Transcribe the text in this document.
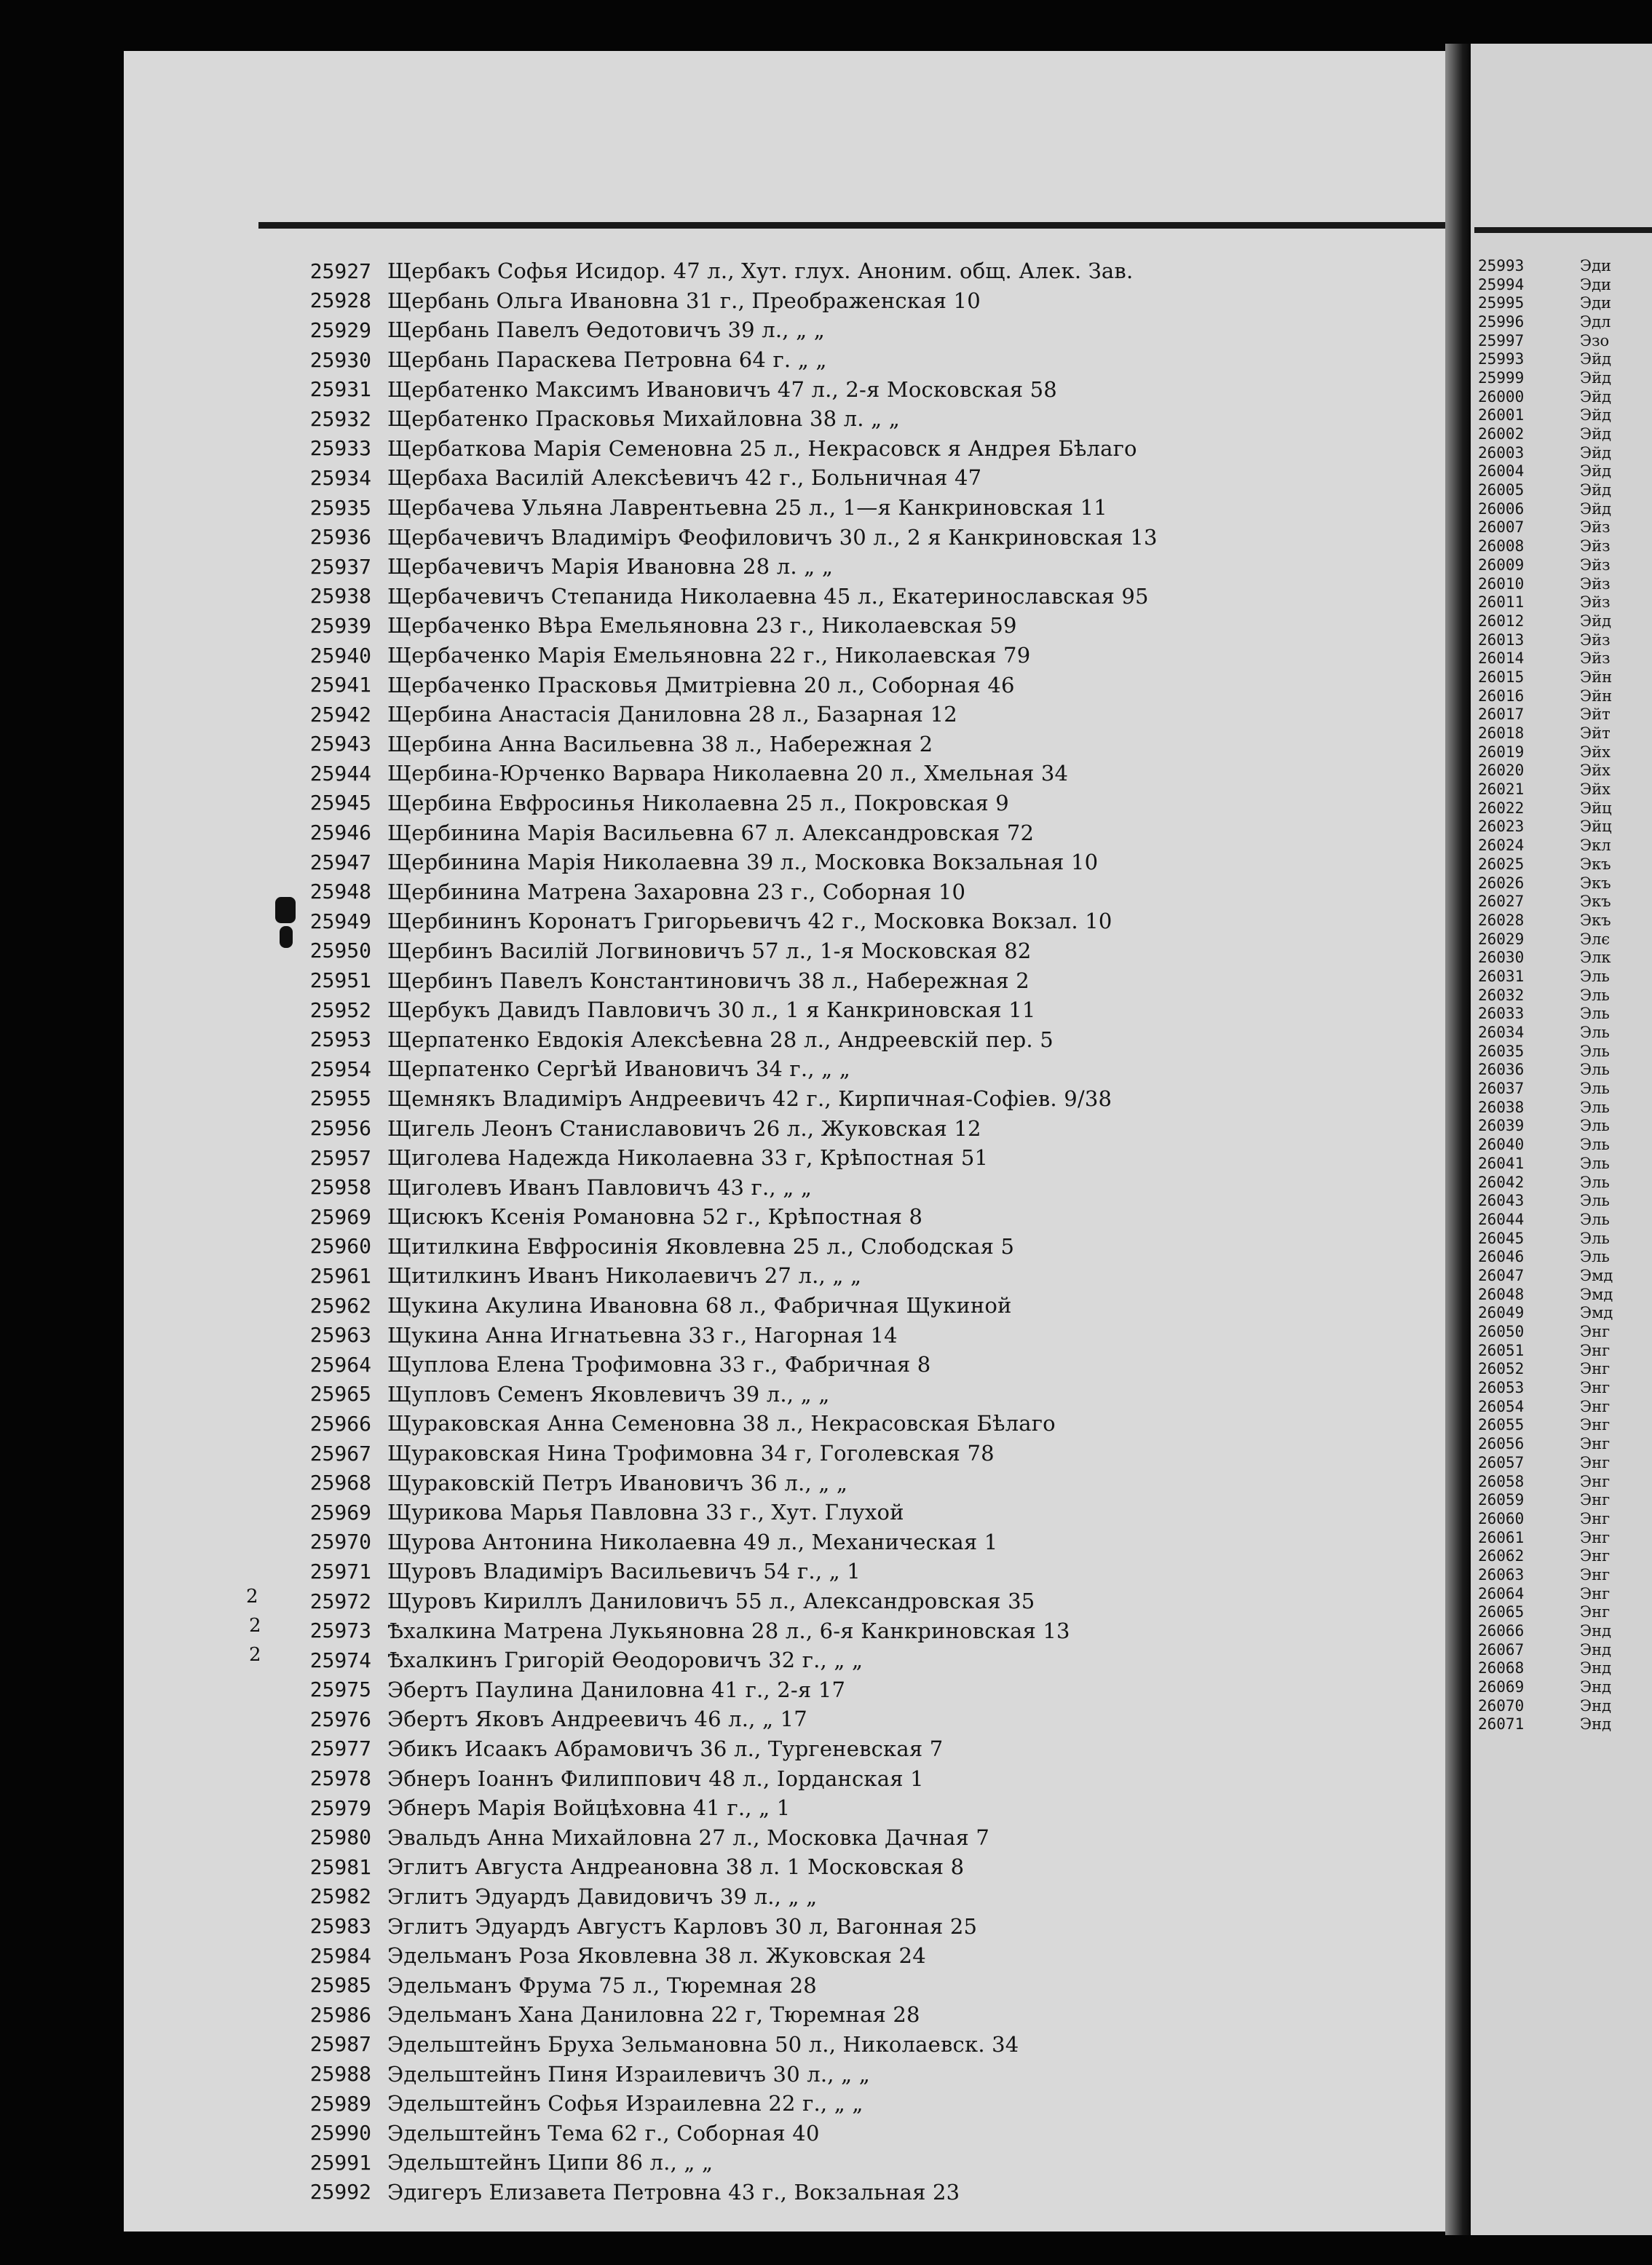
2
2
2
25927 Щербакъ Софья Исидор. 47 л., Хут. глух. Аноним. общ. Алек. Зав.
25928 Щербань Ольга Ивановна 31 г., Преображенская 10
25929 Щербань Павелъ Өедотовичъ 39 л., „ „
25930 Щербань Параскева Петровна 64 г. „ „
25931 Щербатенко Максимъ Ивановичъ 47 л., 2-я Московская 58
25932 Щербатенко Прасковья Михайловна 38 л. „ „
25933 Щербаткова Марія Семеновна 25 л., Некрасовск я Андрея Бѣлаго
25934 Щербаха Василій Алексѣевичъ 42 г., Больничная 47
25935 Щербачева Ульяна Лаврентьевна 25 л., 1—я Канкриновская 11
25936 Щербачевичъ Владиміръ Феофиловичъ 30 л., 2 я Канкриновская 13
25937 Щербачевичъ Марія Ивановна 28 л. „ „
25938 Щербачевичъ Степанида Николаевна 45 л., Екатеринославская 95
25939 Щербаченко Вѣра Емельяновна 23 г., Николаевская 59
25940 Щербаченко Марія Емельяновна 22 г., Николаевская 79
25941 Щербаченко Прасковья Дмитріевна 20 л., Соборная 46
25942 Щербина Анастасія Даниловна 28 л., Базарная 12
25943 Щербина Анна Васильевна 38 л., Набережная 2
25944 Щербина-Юрченко Варвара Николаевна 20 л., Хмельная 34
25945 Щербина Евфросинья Николаевна 25 л., Покровская 9
25946 Щербинина Марія Васильевна 67 л. Александровская 72
25947 Щербинина Марія Николаевна 39 л., Московка Вокзальная 10
25948 Щербинина Матрена Захаровна 23 г., Соборная 10
25949 Щербининъ Коронатъ Григорьевичъ 42 г., Московка Вокзал. 10
25950 Щербинъ Василій Логвиновичъ 57 л., 1-я Московская 82
25951 Щербинъ Павелъ Константиновичъ 38 л., Набережная 2
25952 Щербукъ Давидъ Павловичъ 30 л., 1 я Канкриновская 11
25953 Щерпатенко Евдокія Алексѣевна 28 л., Андреевскій пер. 5
25954 Щерпатенко Сергѣй Ивановичъ 34 г., „ „
25955 Щемнякъ Владиміръ Андреевичъ 42 г., Кирпичная-Софіев. 9/38
25956 Щигель Леонъ Станиславовичъ 26 л., Жуковская 12
25957 Щиголева Надежда Николаевна 33 г, Крѣпостная 51
25958 Щиголевъ Иванъ Павловичъ 43 г., „ „
25969 Щисюкъ Ксенія Романовна 52 г., Крѣпостная 8
25960 Щитилкина Евфросинія Яковлевна 25 л., Слободская 5
25961 Щитилкинъ Иванъ Николаевичъ 27 л., „ „
25962 Щукина Акулина Ивановна 68 л., Фабричная Щукиной
25963 Щукина Анна Игнатьевна 33 г., Нагорная 14
25964 Щуплова Елена Трофимовна 33 г., Фабричная 8
25965 Щупловъ Семенъ Яковлевичъ 39 л., „ „
25966 Щураковская Анна Семеновна 38 л., Некрасовская Бѣлаго
25967 Щураковская Нина Трофимовна 34 г, Гоголевская 78
25968 Щураковскій Петръ Ивановичъ 36 л., „ „
25969 Щурикова Марья Павловна 33 г., Хут. Глухой
25970 Щурова Антонина Николаевна 49 л., Механическая 1
25971 Щуровъ Владиміръ Васильевичъ 54 г., „ 1
25972 Щуровъ Кириллъ Даниловичъ 55 л., Александровская 35
25973 Ѣхалкина Матрена Лукьяновна 28 л., 6-я Канкриновская 13
25974 Ѣхалкинъ Григорій Өеодоровичъ 32 г., „ „
25975 Эбертъ Паулина Даниловна 41 г., 2-я 17
25976 Эбертъ Яковъ Андреевичъ 46 л., „ 17
25977 Эбикъ Исаакъ Абрамовичъ 36 л., Тургеневская 7
25978 Эбнеръ Іоаннъ Филиппович 48 л., Іорданская 1
25979 Эбнеръ Марія Войцѣховна 41 г., „ 1
25980 Эвальдъ Анна Михайловна 27 л., Московка Дачная 7
25981 Эглитъ Августа Андреановна 38 л. 1 Московская 8
25982 Эглитъ Эдуардъ Давидовичъ 39 л., „ „
25983 Эглитъ Эдуардъ Августъ Карловъ 30 л, Вагонная 25
25984 Эдельманъ Роза Яковлевна 38 л. Жуковская 24
25985 Эдельманъ Фрума 75 л., Тюремная 28
25986 Эдельманъ Хана Даниловна 22 г, Тюремная 28
25987 Эдельштейнъ Бруха Зельмановна 50 л., Николаевск. 34
25988 Эдельштейнъ Пиня Израилевичъ 30 л., „ „
25989 Эдельштейнъ Софья Израилевна 22 г., „ „
25990 Эдельштейнъ Тема 62 г., Соборная 40
25991 Эдельштейнъ Ципи 86 л., „ „
25992 Эдигеръ Елизавета Петровна 43 г., Вокзальная 23
25993	Эди
25994	Эди
25995	Эди
25996	Эдл
25997	Эзо
25993	Эйд
25999	Эйд
26000	Эйд
26001	Эйд
26002	Эйд
26003	Эйд
26004	Эйд
26005	Эйд
26006	Эйд
26007	Эйз
26008	Эйз
26009	Эйз
26010	Эйз
26011	Эйз
26012	Эйд
26013	Эйз
26014	Эйз
26015	Эйн
26016	Эйн
26017	Эйт
26018	Эйт
26019	Эйх
26020	Эйх
26021	Эйх
26022	Эйц
26023	Эйц
26024	Экл
26025	Экъ
26026	Экъ
26027	Экъ
26028	Экъ
26029	Элє
26030	Элк
26031	Эль
26032	Эль
26033	Эль
26034	Эль
26035	Эль
26036	Эль
26037	Эль
26038	Эль
26039	Эль
26040	Эль
26041	Эль
26042	Эль
26043	Эль
26044	Эль
26045	Эль
26046	Эль
26047	Эмд
26048	Эмд
26049	Эмд
26050	Энг
26051	Энг
26052	Энг
26053	Энг
26054	Энг
26055	Энг
26056	Энг
26057	Энг
26058	Энг
26059	Энг
26060	Энг
26061	Энг
26062	Энг
26063	Энг
26064	Энг
26065	Энг
26066	Энд
26067	Энд
26068	Энд
26069	Энд
26070	Энд
26071	Энд
